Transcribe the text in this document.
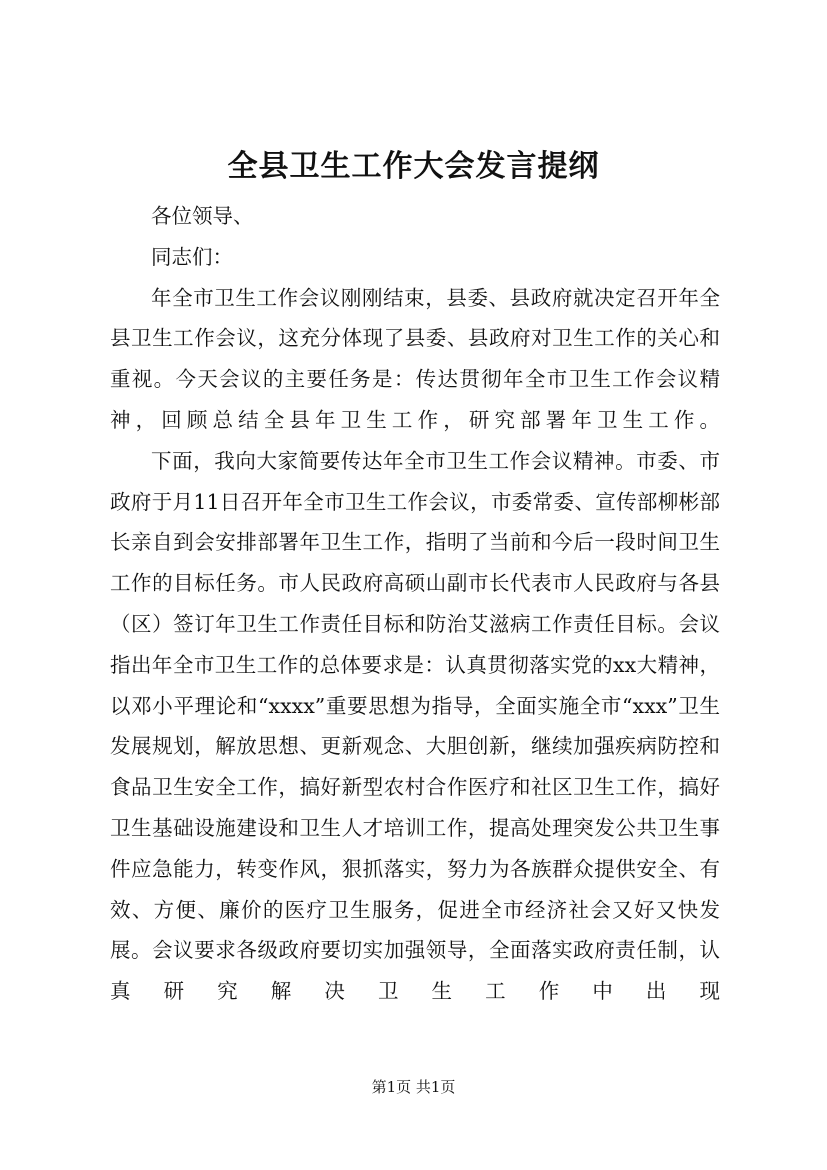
全县卫生工作大会发言提纲

各位领导、

同志们：

年全市卫生工作会议刚刚结束，县委、县政府就决定召开年全县卫生工作会议，这充分体现了县委、县政府对卫生工作的关心和重视。今天会议的主要任务是：传达贯彻年全市卫生工作会议精神，回顾总结全县年卫生工作，研究部署年卫生工作。

下面，我向大家简要传达年全市卫生工作会议精神。市委、市政府于月11日召开年全市卫生工作会议，市委常委、宣传部柳彬部长亲自到会安排部署年卫生工作，指明了当前和今后一段时间卫生工作的目标任务。市人民政府高硕山副市长代表市人民政府与各县（区）签订年卫生工作责任目标和防治艾滋病工作责任目标。会议指出年全市卫生工作的总体要求是：认真贯彻落实党的xx大精神，以邓小平理论和“xxxx”重要思想为指导，全面实施全市“xxx”卫生发展规划，解放思想、更新观念、大胆创新，继续加强疾病防控和食品卫生安全工作，搞好新型农村合作医疗和社区卫生工作，搞好卫生基础设施建设和卫生人才培训工作，提高处理突发公共卫生事件应急能力，转变作风，狠抓落实，努力为各族群众提供安全、有效、方便、廉价的医疗卫生服务，促进全市经济社会又好又快发展。会议要求各级政府要切实加强领导，全面落实政府责任制，认真研究解决卫生工作中出现

第1页 共1页
